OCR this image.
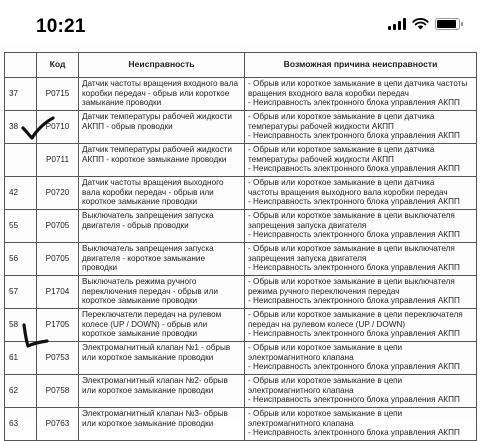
10:21
	Код	Неисправность	Возможная причина неисправности
37	P0715	Датчик частоты вращения входного вала коробки передач - обрыв или короткое замыкание проводки	- Обрыв или короткое замыкание в цепи датчика частоты
вращения входного вала коробки передач
- Неисправность электронного блока управления АКПП

38	P0710	Датчик температуры рабочей жидкости АКПП - обрыв проводки	- Обрыв или короткое замыкание в цепи датчика
температуры рабочей жидкости АКПП
- Неисправность электронного блока управления АКПП

	P0711	Датчик температуры рабочей жидкости АКПП - короткое замыкание проводки	- Обрыв или короткое замыкание в цепи датчика
температуры рабочей жидкости АКПП
- Неисправность электронного блока управления АКПП

42	P0720	Датчик частоты вращения выходного вала коробки передач - обрыв или короткое замыкание проводки	- Обрыв или короткое замыкание в цепи датчика
частоты вращения выходного вала коробки передач
- Неисправность электронного блока управления АКПП

55	P0705	Выключатель запрещения запуска двигателя - обрыв проводки	- Обрыв или короткое замыкание в цепи выключателя
запрещения запуска двигателя
- Неисправность электронного блока управления АКПП

56	P0705	Выключатель запрещения запуска двигателя - короткое замыкание проводки	- Обрыв или короткое замыкание в цепи выключателя
запрещения запуска двигателя
- Неисправность электронного блока управления АКПП

57	P1704	Выключатель режима ручного переключения передач - обрыв или короткое замыкание проводки	- Обрыв или короткое замыкание в цепи выключателя
режима ручного переключения передач
- Неисправность электронного блока управления АКПП

58	P1705	Переключатели передач на рулевом колесе (UP / DOWN) - обрыв или короткое замыкание проводки	- Обрыв или короткое замыкание в цепи переключателя
передач на рулевом колесе (UP / DOWN)
- Неисправность электронного блока управления АКПП

61	P0753	Электромагнитный клапан №1 - обрыв или короткое замыкание проводки	- Обрыв или короткое замыкание в цепи
электромагнитного клапана
- Неисправность электронного блока управления АКПП

62	P0758	Электромагнитный клапан №2- обрыв или короткое замыкание проводки	- Обрыв или короткое замыкание в цепи
электромагнитного клапана
- Неисправность электронного блока управления АКПП

63	P0763	Электромагнитный клапан №3- обрыв или короткое замыкание проводки	- Обрыв или короткое замыкание в цепи
электромагнитного клапана
- Неисправность электронного блока управления АКПП
